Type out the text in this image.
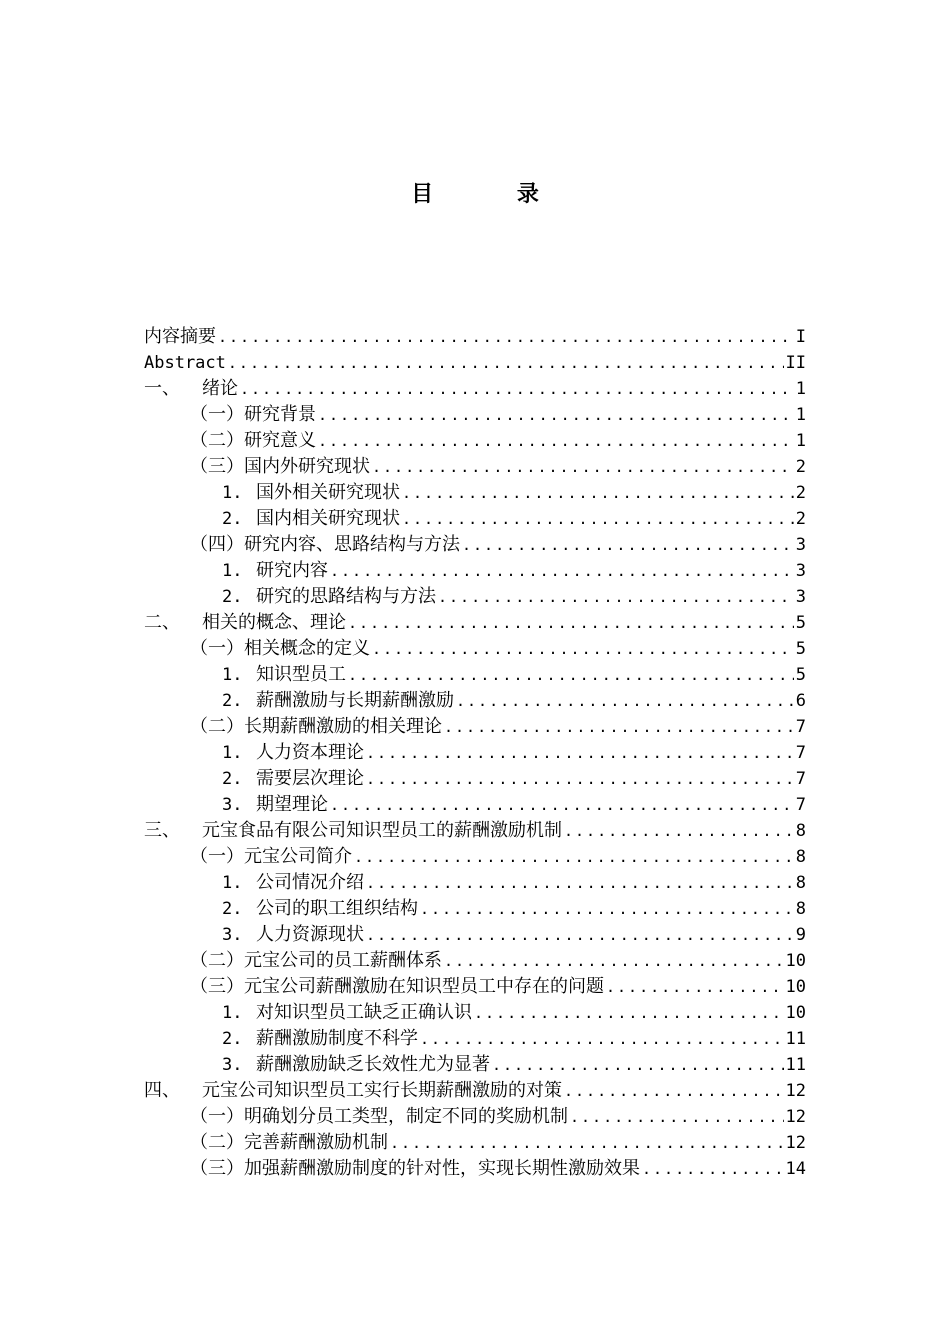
目 录
内容摘要 .....	I
Abstract .....	II
一、 绪论 .....	1
（一）研究背景 .....	1
（二）研究意义 .....	1
（三）国内外研究现状 .....	2
1. 国外相关研究现状 .....	2
2. 国内相关研究现状 .....	2
（四）研究内容、思路结构与方法 .....	3
1. 研究内容 .....	3
2. 研究的思路结构与方法 .....	3
二、 相关的概念、理论 .....	5
（一）相关概念的定义 .....	5
1. 知识型员工 .....	5
2. 薪酬激励与长期薪酬激励 .....	6
（二）长期薪酬激励的相关理论 .....	7
1. 人力资本理论 .....	7
2. 需要层次理论 .....	7
3. 期望理论 .....	7
三、 元宝食品有限公司知识型员工的薪酬激励机制 .....	8
（一）元宝公司简介 .....	8
1. 公司情况介绍 .....	8
2. 公司的职工组织结构 .....	8
3. 人力资源现状 .....	9
（二）元宝公司的员工薪酬体系 .....	10
（三）元宝公司薪酬激励在知识型员工中存在的问题 .....	10
1. 对知识型员工缺乏正确认识 .....	10
2. 薪酬激励制度不科学 .....	11
3. 薪酬激励缺乏长效性尤为显著 .....	11
四、 元宝公司知识型员工实行长期薪酬激励的对策 .....	12
（一）明确划分员工类型，制定不同的奖励机制 .....	12
（二）完善薪酬激励机制 .....	12
（三）加强薪酬激励制度的针对性，实现长期性激励效果 .....	14
